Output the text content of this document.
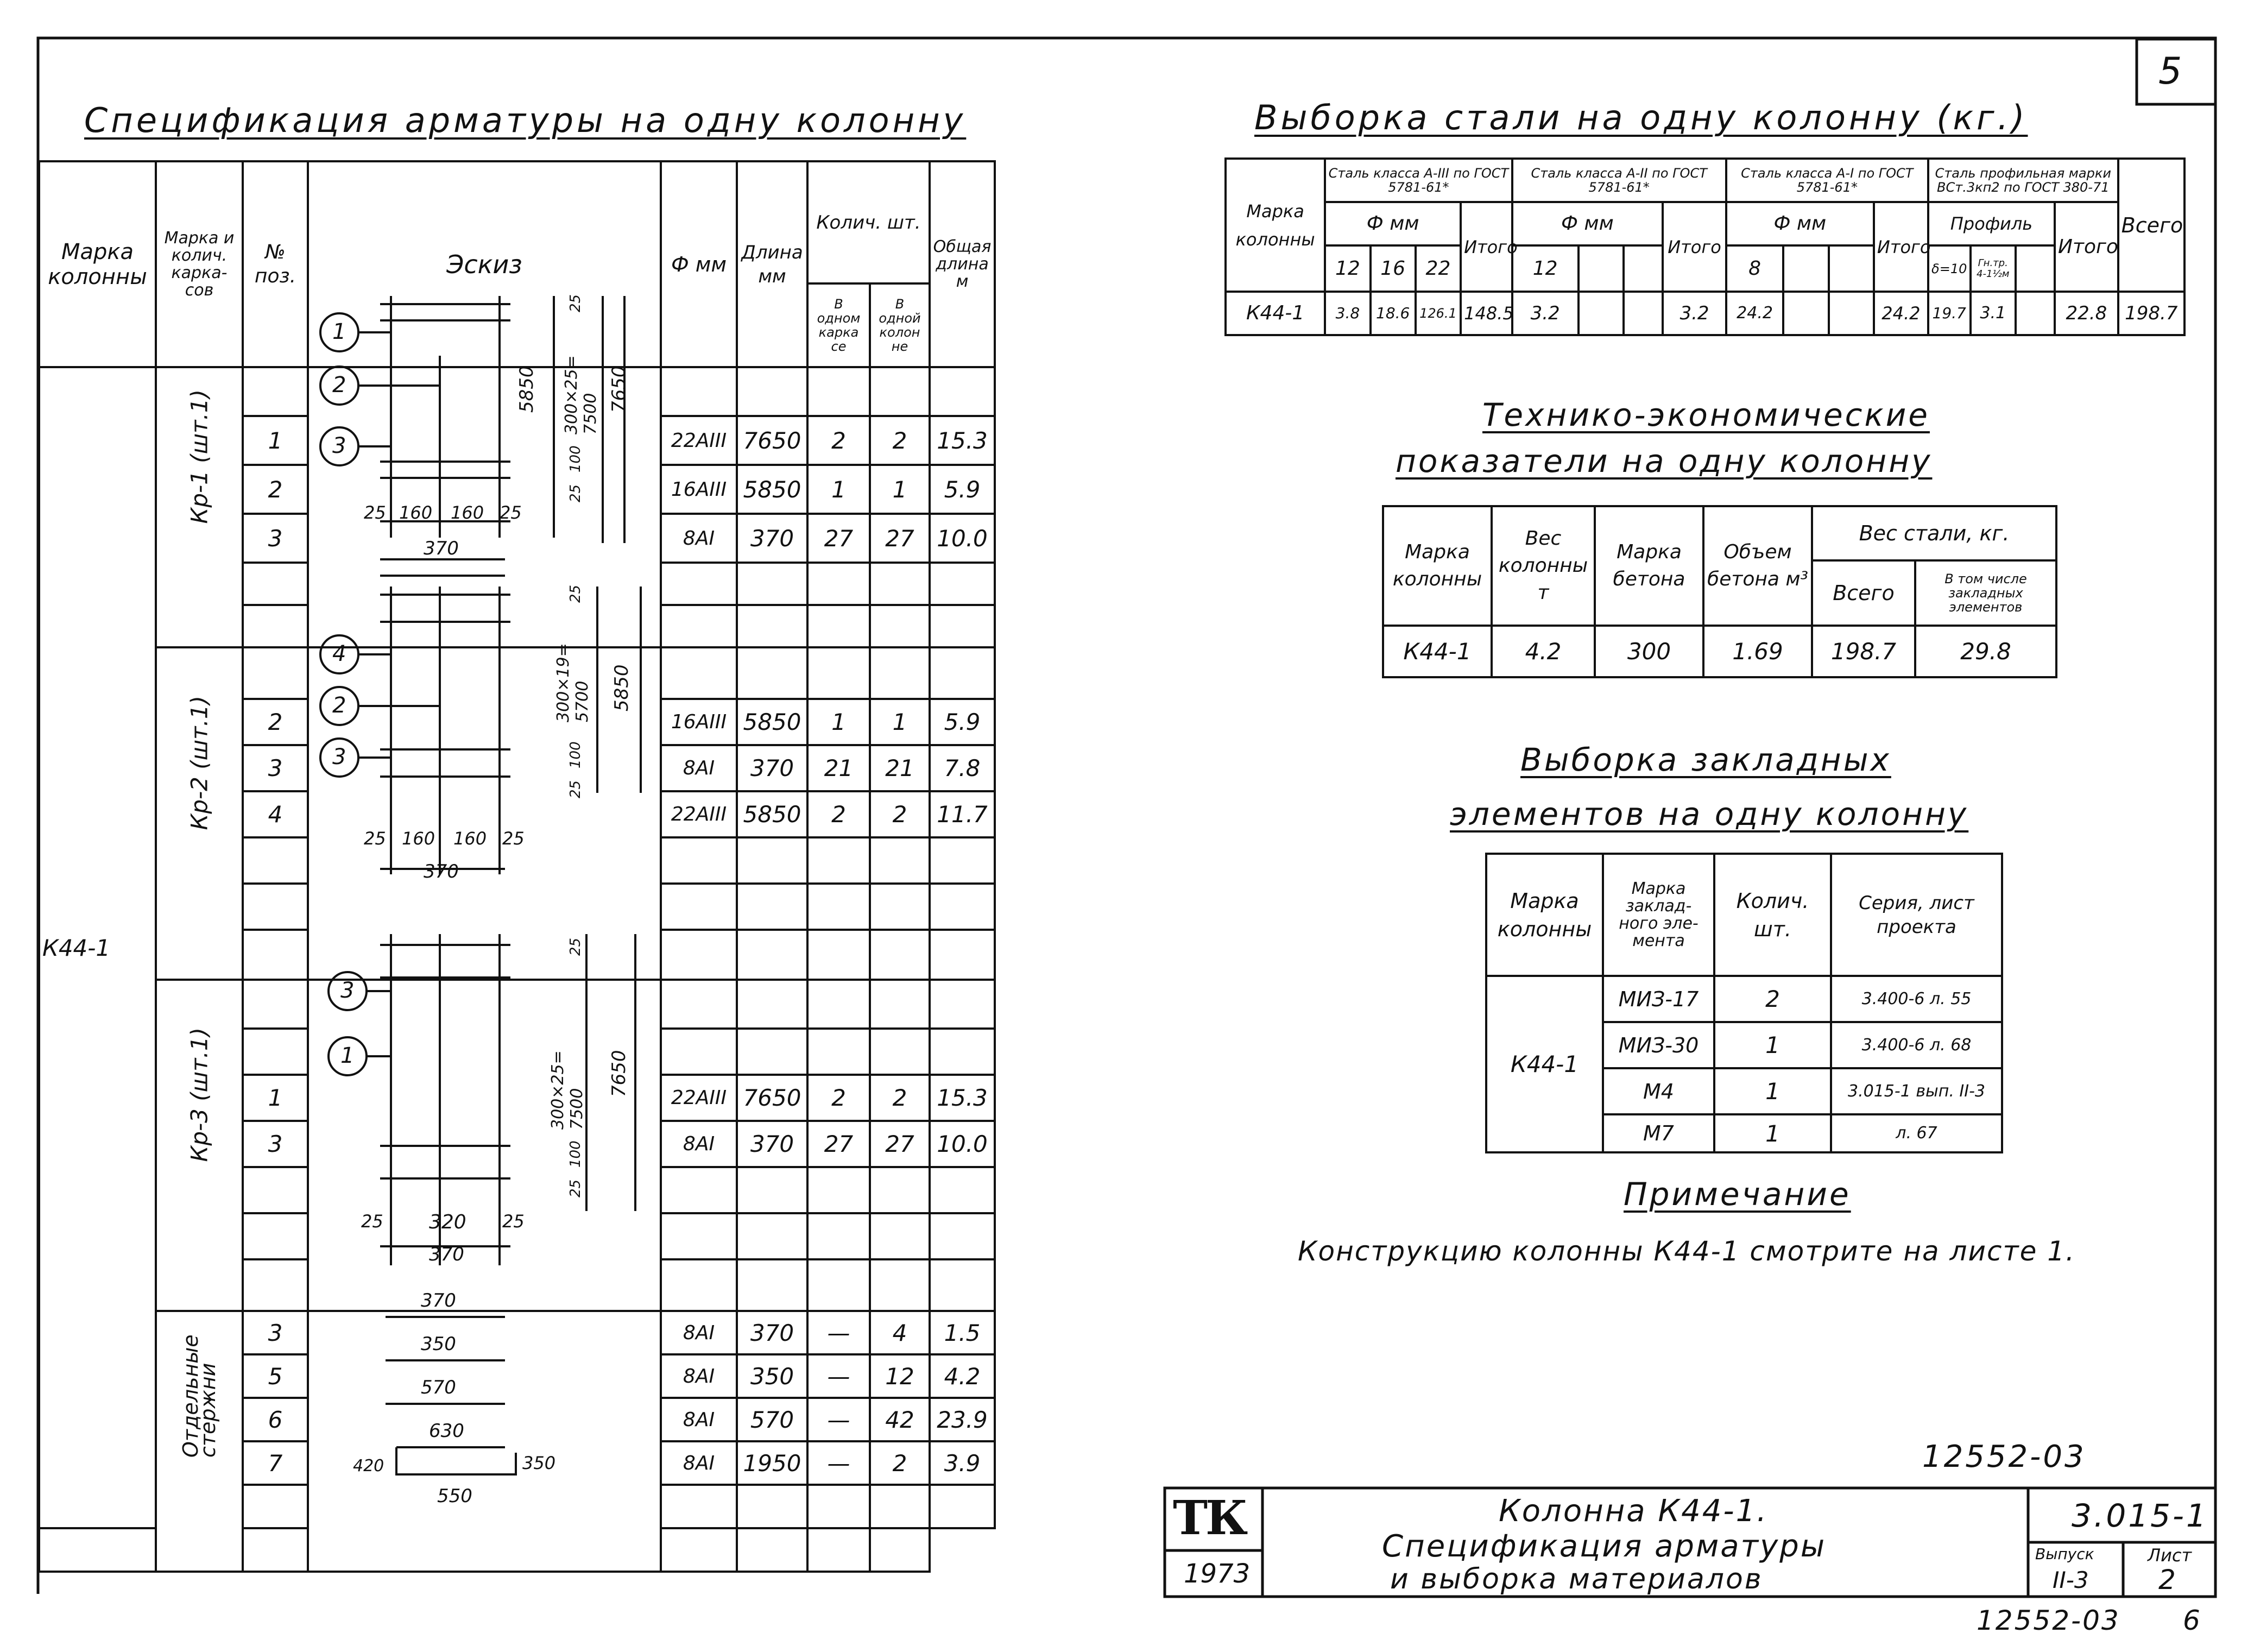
5
Спецификация арматуры на одну колонну
Марка колонны	Марка и колич. карка- сов	№ поз.	Эскиз	Ф мм	Длина мм	Колич. шт.		Общая длина м
						В одном карка се	В одной колон не	
К44-1	Кр-1 (шт.1)							

		1		22АIII	7650	2	2	15.3
		2		16АIII	5850	1	1	5.9
		3		8АI	370	27	27	10.0

	Кр-2 (шт.1)							

		2		16АIII	5850	1	1	5.9
		3		8АI	370	21	21	7.8
		4		22АIII	5850	2	2	11.7

	Кр-3 (шт.1)							

		1		22АIII	7650	2	2	15.3
		3		8АI	370	27	27	10.0

	Отдельные стержни	3		8АI	370	—	4	1.5
		5		8АI	350	—	12	4.2
		6		8АI	570	—	42	23.9
		7		8АI	1950	—	2	3.9

1
2
3
5850 300×25= 7500
7650
25
100
25
25 160 160 25
370
4
2
3
300×19= 5700 5850
25
100
25
25 160 160 25
370
3
1	300×25= 7500
7650
25
100
25
25 320 25
370
370
350
570
630
420	350
550
Выборка стали на одну колонну (кг.)
Марка колонны	Сталь класса A-III по ГОСТ 5781-61*				Сталь класса A-II по ГОСТ 5781-61*				Сталь класса A-I по ГОСТ 5781-61*				Сталь профильная марки ВСт.3кп2 по ГОСТ 380-71				Всего
	Ф мм			Итого	Ф мм			Итого	Ф мм			Итого	Профиль			Итого	
	12	16	22		12				8				δ=10	Гн.тр. 4-1½м			
К44-1	3.8	18.6	126.1	148.5	3.2			3.2	24.2			24.2	19.7	3.1		22.8	198.7
Технико-экономические
показатели на одну колонну
Марка колонны	Вес колонны т	Марка бетона	Объем бетона м³	Вес стали, кг.	
				Всего	В том числе закладных элементов
К44-1	4.2	300	1.69	198.7	29.8
Выборка закладных
элементов на одну колонну
Марка колонны	Марка заклад- ного эле- мента	Колич. шт.	Серия, лист проекта
К44-1	МИЗ-17	2	3.400-6 л. 55
	МИЗ-30	1	3.400-6 л. 68
	М4	1	3.015-1 вып. II-3
	М7	1	л. 67
Примечание
Конструкцию колонны К44-1 смотрите на листе 1.
12552-03
ТК
1973
Колонна К44-1.
Спецификация арматуры
и выборка материалов
3.015-1
Выпуск
II-3
Лист
2
12552-03 6
